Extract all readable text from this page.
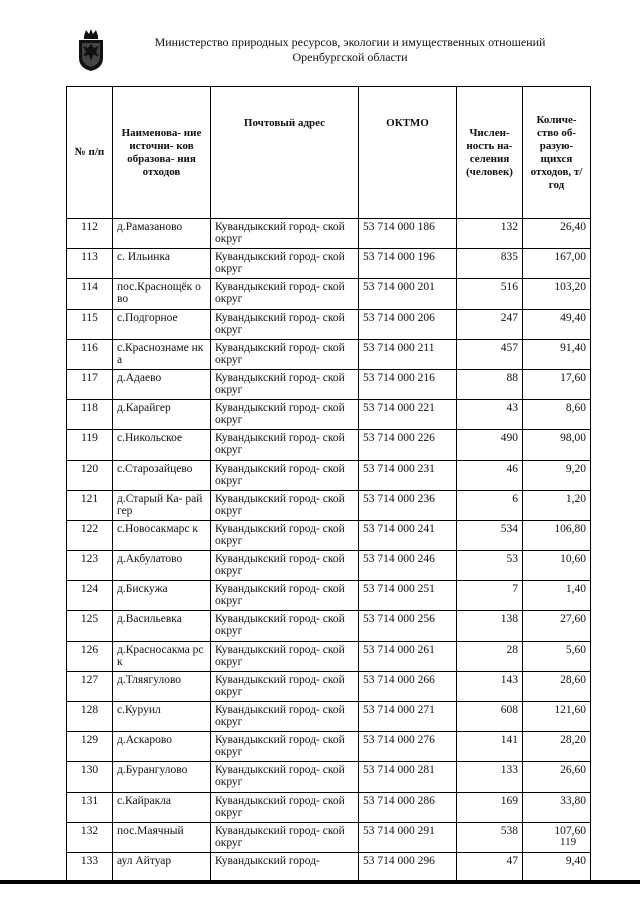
Министерство природных ресурсов, экологии и имущественных отношений
Оренбургской области
№ п/п	Наименова- ние источни- ков образова- ния отходов	Почтовый адрес	ОКТМО	Числен- ность на- селения (человек)	Количе- ство об- разую- щихся отходов, т/год
112	д.Рамазаново	Кувандыкский город- ской округ	53 714 000 186	132	26,40
113	с. Ильинка	Кувандыкский город- ской округ	53 714 000 196	835	167,00
114	пос.Краснощёк ово	Кувандыкский город- ской округ	53 714 000 201	516	103,20
115	с.Подгорное	Кувандыкский город- ской округ	53 714 000 206	247	49,40
116	с.Краснознаме нка	Кувандыкский город- ской округ	53 714 000 211	457	91,40
117	д.Адаево	Кувандыкский город- ской округ	53 714 000 216	88	17,60
118	д.Карайгер	Кувандыкский город- ской округ	53 714 000 221	43	8,60
119	с.Никольское	Кувандыкский город- ской округ	53 714 000 226	490	98,00
120	с.Старозайцево	Кувандыкский город- ской округ	53 714 000 231	46	9,20
121	д.Старый Ка- райгер	Кувандыкский город- ской округ	53 714 000 236	6	1,20
122	с.Новосакмарс к	Кувандыкский город- ской округ	53 714 000 241	534	106,80
123	д.Акбулатово	Кувандыкский город- ской округ	53 714 000 246	53	10,60
124	д.Бискужа	Кувандыкский город- ской округ	53 714 000 251	7	1,40
125	д.Васильевка	Кувандыкский город- ской округ	53 714 000 256	138	27,60
126	д.Красносакма рск	Кувандыкский город- ской округ	53 714 000 261	28	5,60
127	д.Тляягулово	Кувандыкский город- ской округ	53 714 000 266	143	28,60
128	с.Куруил	Кувандыкский город- ской округ	53 714 000 271	608	121,60
129	д.Аскарово	Кувандыкский город- ской округ	53 714 000 276	141	28,20
130	д.Бурангулово	Кувандыкский город- ской округ	53 714 000 281	133	26,60
131	с.Кайракла	Кувандыкский город- ской округ	53 714 000 286	169	33,80
132	пос.Маячный	Кувандыкский город- ской округ	53 714 000 291	538	107,60
133	аул Айтуар	Кувандыкский город-	53 714 000 296	47	9,40
119
